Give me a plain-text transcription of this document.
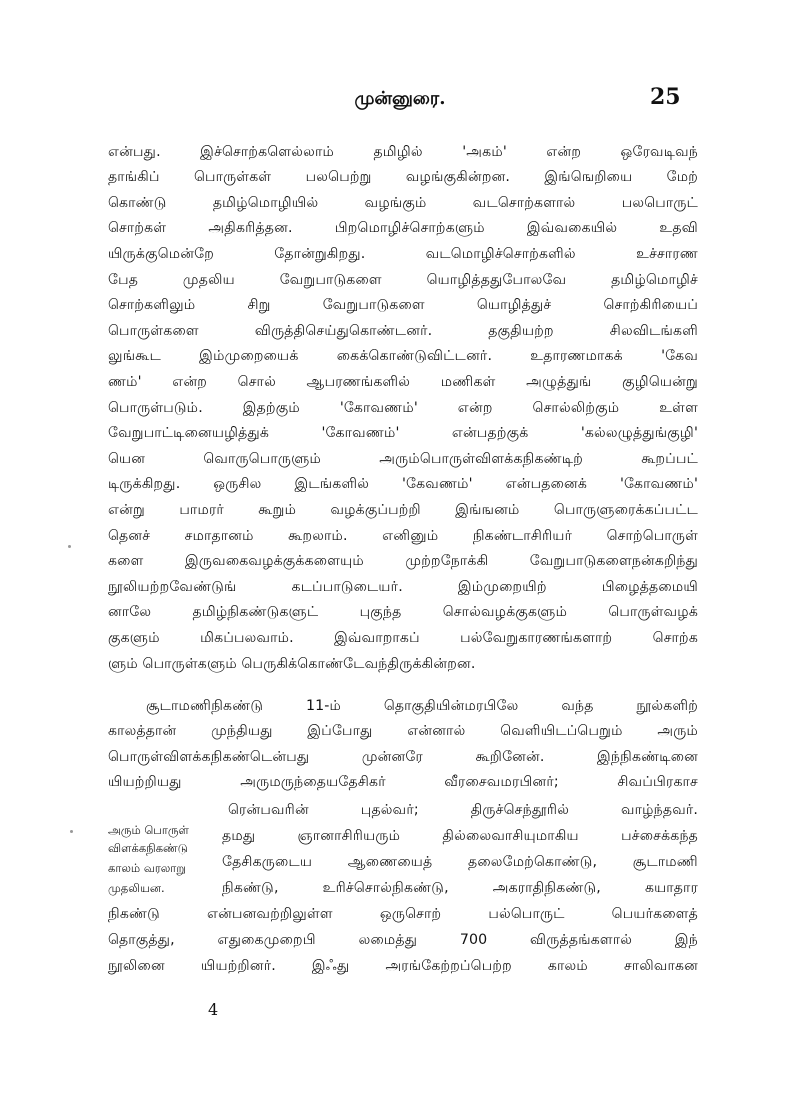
முன்னுரை.	25
என்பது. இச்சொற்களெல்லாம் தமிழில் 'அகம்' என்ற ஒரேவடிவந்
தாங்கிப் பொருள்கள் பலபெற்று வழங்குகின்றன. இங்ஙெறியை மேற்
கொண்டு தமிழ்மொழியில் வழங்கும் வடசொற்களால் பலபொருட்
சொற்கள் அதிகரித்தன. பிறமொழிச்சொற்களும் இவ்வகையில் உதவி
யிருக்குமென்றே தோன்றுகிறது. வடமொழிச்சொற்களில் உச்சாரண
பேத முதலிய வேறுபாடுகளை யொழித்ததுபோலவே தமிழ்மொழிச்
சொற்களிலும் சிறு வேறுபாடுகளை யொழித்துச் சொற்கிரியைப்
பொருள்களை விருத்திசெய்துகொண்டனர். தகுதியற்ற சிலவிடங்களி
லுங்கூட இம்முறையைக் கைக்கொண்டுவிட்டனர். உதாரணமாகக் 'கேவ
ணம்' என்ற சொல் ஆபரணங்களில் மணிகள் அழுத்துங் குழியென்று
பொருள்படும். இதற்கும் 'கோவணம்' என்ற சொல்லிற்கும் உள்ள
வேறுபாட்டினையழித்துக் 'கோவணம்' என்பதற்குக் 'கல்லழுத்துங்குழி'
யென வொருபொருளும் அரும்பொருள்விளக்கநிகண்டிற் கூறப்பட்
டிருக்கிறது. ஒருசில இடங்களில் 'கேவணம்' என்பதனைக் 'கோவணம்'
என்று பாமரர் கூறும் வழக்குப்பற்றி இங்ஙனம் பொருளுரைக்கப்பட்ட
தெனச் சமாதானம் கூறலாம். எனினும் நிகண்டாசிரியர் சொற்பொருள்
களை இருவகைவழக்குக்களையும் முற்றநோக்கி வேறுபாடுகளைநன்கறிந்து
நூலியற்றவேண்டுங் கடப்பாடுடையர். இம்முறையிற் பிழைத்தமையி
னாலே தமிழ்நிகண்டுகளுட் புகுந்த சொல்வழக்குகளும் பொருள்வழக்
குகளும் மிகப்பலவாம். இவ்வாறாகப் பல்வேறுகாரணங்களாற் சொற்க
ளும் பொருள்களும் பெருகிக்கொண்டேவந்திருக்கின்றன.
சூடாமணிநிகண்டு 11-ம் தொகுதியின்மரபிலே வந்த நூல்களிற்
காலத்தான் முந்தியது இப்போது என்னால் வெளியிடப்பெறும் அரும்
பொருள்விளக்கநிகண்டென்பது முன்னரே கூறினேன். இந்நிகண்டினை
யியற்றியது அருமருந்தையதேசிகர் வீரசைவமரபினர்; சிவப்பிரகாச
ரென்பவரின் புதல்வர்; திருச்செந்தூரில் வாழ்ந்தவர்.
தமது ஞானாசிரியரும் தில்லைவாசியுமாகிய பச்சைக்கந்த
தேசிகருடைய ஆணையைத் தலைமேற்கொண்டு, சூடாமணி
நிகண்டு, உரிச்சொல்நிகண்டு, அகராதிநிகண்டு, கயாதார
நிகண்டு என்பனவற்றிலுள்ள ஒருசொற் பல்பொருட் பெயர்களைத்
தொகுத்து, எதுகைமுறைபி லமைத்து 700 விருத்தங்களால் இந்
நூலினை யியற்றினர். இஃது அரங்கேற்றப்பெற்ற காலம் சாலிவாகன
அரும் பொருள்
விளக்கநிகண்டு
காலம் வரலாறு
முதலியன.
4
